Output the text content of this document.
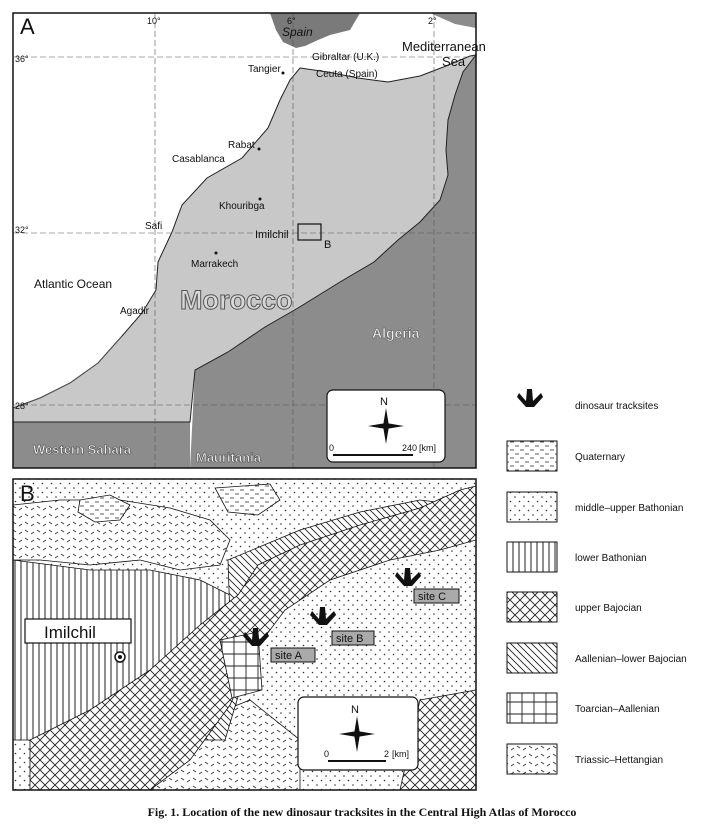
A	10°	6°	2°
36°
32°
28°
Spain
Gibraltar (U.K.)
Ceuta (Spain)
Mediterranean
Sea
Tangier
Rabat
Casablanca
Khouribga
Safi
Imilchil
B
Marrakech
Atlantic Ocean
Agadir Morocco
Algeria
Western Sahara
Mauritania
N
0	240 [km]
B
Imilchil
site C
site B
site A
N
0	2 [km]
dinosaur tracksites
Quaternary
middle–upper Bathonian
lower Bathonian
upper Bajocian
Aallenian–lower Bajocian
Toarcian–Aallenian
Triassic–Hettangian
Fig. 1. Location of the new dinosaur tracksites in the Central High Atlas of Morocco
